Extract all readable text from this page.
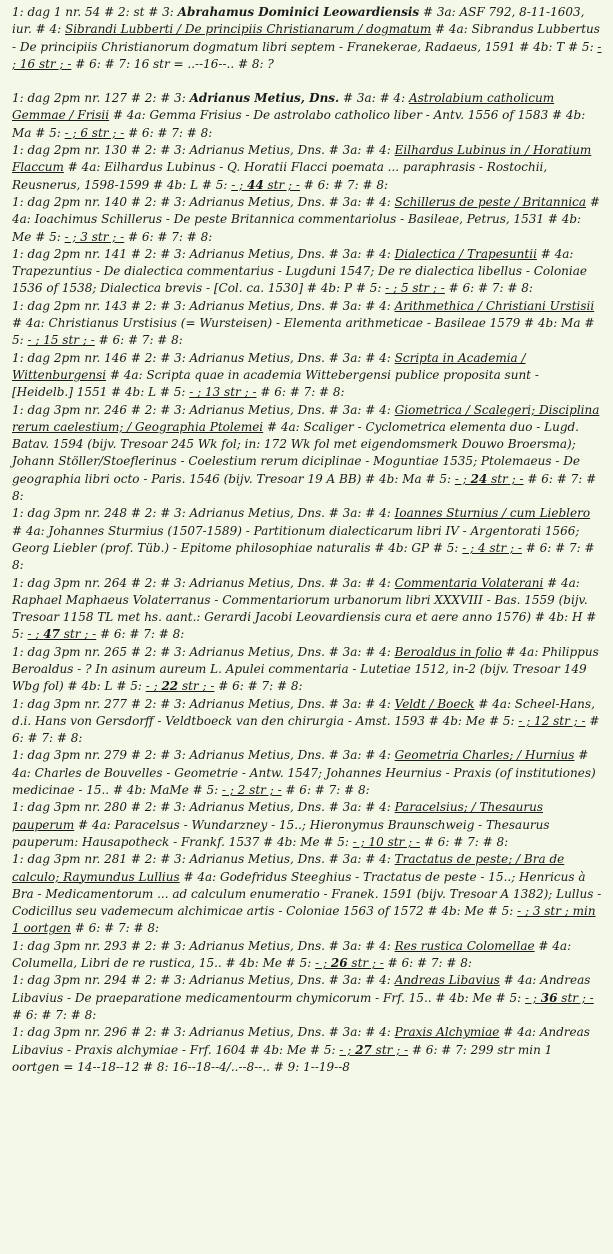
1: dag 1 nr. 54 # 2: st # 3: Abrahamus Dominici Leowardiensis # 3a: ASF 792, 8-11-1603, iur. # 4: Sibrandi Lubberti / De principiis Christianarum / dogmatum # 4a: Sibrandus Lubbertus - De principiis Christianorum dogmatum libri septem - Franekerae, Radaeus, 1591 # 4b: T # 5: - ; 16 str ; - # 6: # 7: 16 str = ..--16--.. # 8: ?

1: dag 2pm nr. 127 # 2: # 3: Adrianus Metius, Dns. # 3a: # 4: Astrolabium catholicum Gemmae / Frisii # 4a: Gemma Frisius - De astrolabo catholico liber - Antv. 1556 of 1583 # 4b: Ma # 5: - ; 6 str ; - # 6: # 7: # 8:

1: dag 2pm nr. 130 # 2: # 3: Adrianus Metius, Dns. # 3a: # 4: Eilhardus Lubinus in / Horatium Flaccum # 4a: Eilhardus Lubinus - Q. Horatii Flacci poemata ... paraphrasis - Rostochii, Reusnerus, 1598-1599 # 4b: L # 5: - ; 44 str ; - # 6: # 7: # 8:

1: dag 2pm nr. 140 # 2: # 3: Adrianus Metius, Dns. # 3a: # 4: Schillerus de peste / Britannica # 4a: Ioachimus Schillerus - De peste Britannica commentariolus - Basileae, Petrus, 1531 # 4b: Me # 5: - ; 3 str ; - # 6: # 7: # 8:

1: dag 2pm nr. 141 # 2: # 3: Adrianus Metius, Dns. # 3a: # 4: Dialectica / Trapesuntii # 4a: Trapezuntius - De dialectica commentarius - Lugduni 1547; De re dialectica libellus - Coloniae 1536 of 1538; Dialectica brevis - [Col. ca. 1530] # 4b: P # 5: - ; 5 str ; - # 6: # 7: # 8:

1: dag 2pm nr. 143 # 2: # 3: Adrianus Metius, Dns. # 3a: # 4: Arithmethica / Christiani Urstisii # 4a: Christianus Urstisius (= Wursteisen) - Elementa arithmeticae - Basileae 1579 # 4b: Ma # 5: - ; 15 str ; - # 6: # 7: # 8:

1: dag 2pm nr. 146 # 2: # 3: Adrianus Metius, Dns. # 3a: # 4: Scripta in Academia / Wittenburgensi # 4a: Scripta quae in academia Wittebergensi publice proposita sunt - [Heidelb.] 1551 # 4b: L # 5: - ; 13 str ; - # 6: # 7: # 8:

1: dag 3pm nr. 246 # 2: # 3: Adrianus Metius, Dns. # 3a: # 4: Giometrica / Scalegeri; Disciplina rerum caelestium; / Geographia Ptolemei # 4a: Scaliger - Cyclometrica elementa duo - Lugd. Batav. 1594 (bijv. Tresoar 245 Wk fol; in: 172 Wk fol met eigendomsmerk Douwo Broersma); Johann Stöller/Stoeflerinus - Coelestium rerum diciplinae - Moguntiae 1535; Ptolemaeus - De geographia libri octo - Paris. 1546 (bijv. Tresoar 19 A BB) # 4b: Ma # 5: - ; 24 str ; - # 6: # 7: # 8:

1: dag 3pm nr. 248 # 2: # 3: Adrianus Metius, Dns. # 3a: # 4: Ioannes Sturnius / cum Lieblero # 4a: Johannes Sturmius (1507-1589) - Partitionum dialecticarum libri IV - Argentorati 1566; Georg Liebler (prof. Tüb.) - Epitome philosophiae naturalis # 4b: GP # 5: - ; 4 str ; - # 6: # 7: # 8:

1: dag 3pm nr. 264 # 2: # 3: Adrianus Metius, Dns. # 3a: # 4: Commentaria Volaterani # 4a: Raphael Maphaeus Volaterranus - Commentariorum urbanorum libri XXXVIII - Bas. 1559 (bijv. Tresoar 1158 TL met hs. aant.: Gerardi Jacobi Leovardiensis cura et aere anno 1576) # 4b: H # 5: - ; 47 str ; - # 6: # 7: # 8:

1: dag 3pm nr. 265 # 2: # 3: Adrianus Metius, Dns. # 3a: # 4: Beroaldus in folio # 4a: Philippus Beroaldus - ? In asinum aureum L. Apulei commentaria - Lutetiae 1512, in-2 (bijv. Tresoar 149 Wbg fol) # 4b: L # 5: - ; 22 str ; - # 6: # 7: # 8:

1: dag 3pm nr. 277 # 2: # 3: Adrianus Metius, Dns. # 3a: # 4: Veldt / Boeck # 4a: Scheel-Hans, d.i. Hans von Gersdorff - Veldtboeck van den chirurgia - Amst. 1593 # 4b: Me # 5: - ; 12 str ; - # 6: # 7: # 8:

1: dag 3pm nr. 279 # 2: # 3: Adrianus Metius, Dns. # 3a: # 4: Geometria Charles; / Hurnius # 4a: Charles de Bouvelles - Geometrie - Antw. 1547; Johannes Heurnius - Praxis (of institutiones) medicinae - 15.. # 4b: MaMe # 5: - ; 2 str ; - # 6: # 7: # 8:

1: dag 3pm nr. 280 # 2: # 3: Adrianus Metius, Dns. # 3a: # 4: Paracelsius; / Thesaurus pauperum # 4a: Paracelsus - Wundarzney - 15..; Hieronymus Braunschweig - Thesaurus pauperum: Hausapotheck - Frankf. 1537 # 4b: Me # 5: - ; 10 str ; - # 6: # 7: # 8:

1: dag 3pm nr. 281 # 2: # 3: Adrianus Metius, Dns. # 3a: # 4: Tractatus de peste; / Bra de calculo; Raymundus Lullius # 4a: Godefridus Steeghius - Tractatus de peste - 15..; Henricus à Bra - Medicamentorum ... ad calculum enumeratio - Franek. 1591 (bijv. Tresoar A 1382); Lullus - Codicillus seu vademecum alchimicae artis - Coloniae 1563 of 1572 # 4b: Me # 5: - ; 3 str ; min 1 oortgen # 6: # 7: # 8:

1: dag 3pm nr. 293 # 2: # 3: Adrianus Metius, Dns. # 3a: # 4: Res rustica Colomellae # 4a: Columella, Libri de re rustica, 15.. # 4b: Me # 5: - ; 26 str ; - # 6: # 7: # 8:

1: dag 3pm nr. 294 # 2: # 3: Adrianus Metius, Dns. # 3a: # 4: Andreas Libavius # 4a: Andreas Libavius - De praeparatione medicamentourm chymicorum - Frf. 15.. # 4b: Me # 5: - ; 36 str ; - # 6: # 7: # 8:

1: dag 3pm nr. 296 # 2: # 3: Adrianus Metius, Dns. # 3a: # 4: Praxis Alchymiae # 4a: Andreas Libavius - Praxis alchymiae - Frf. 1604 # 4b: Me # 5: - ; 27 str ; - # 6: # 7: 299 str min 1 oortgen = 14--18--12 # 8: 16--18--4/..--8--.. # 9: 1--19--8
